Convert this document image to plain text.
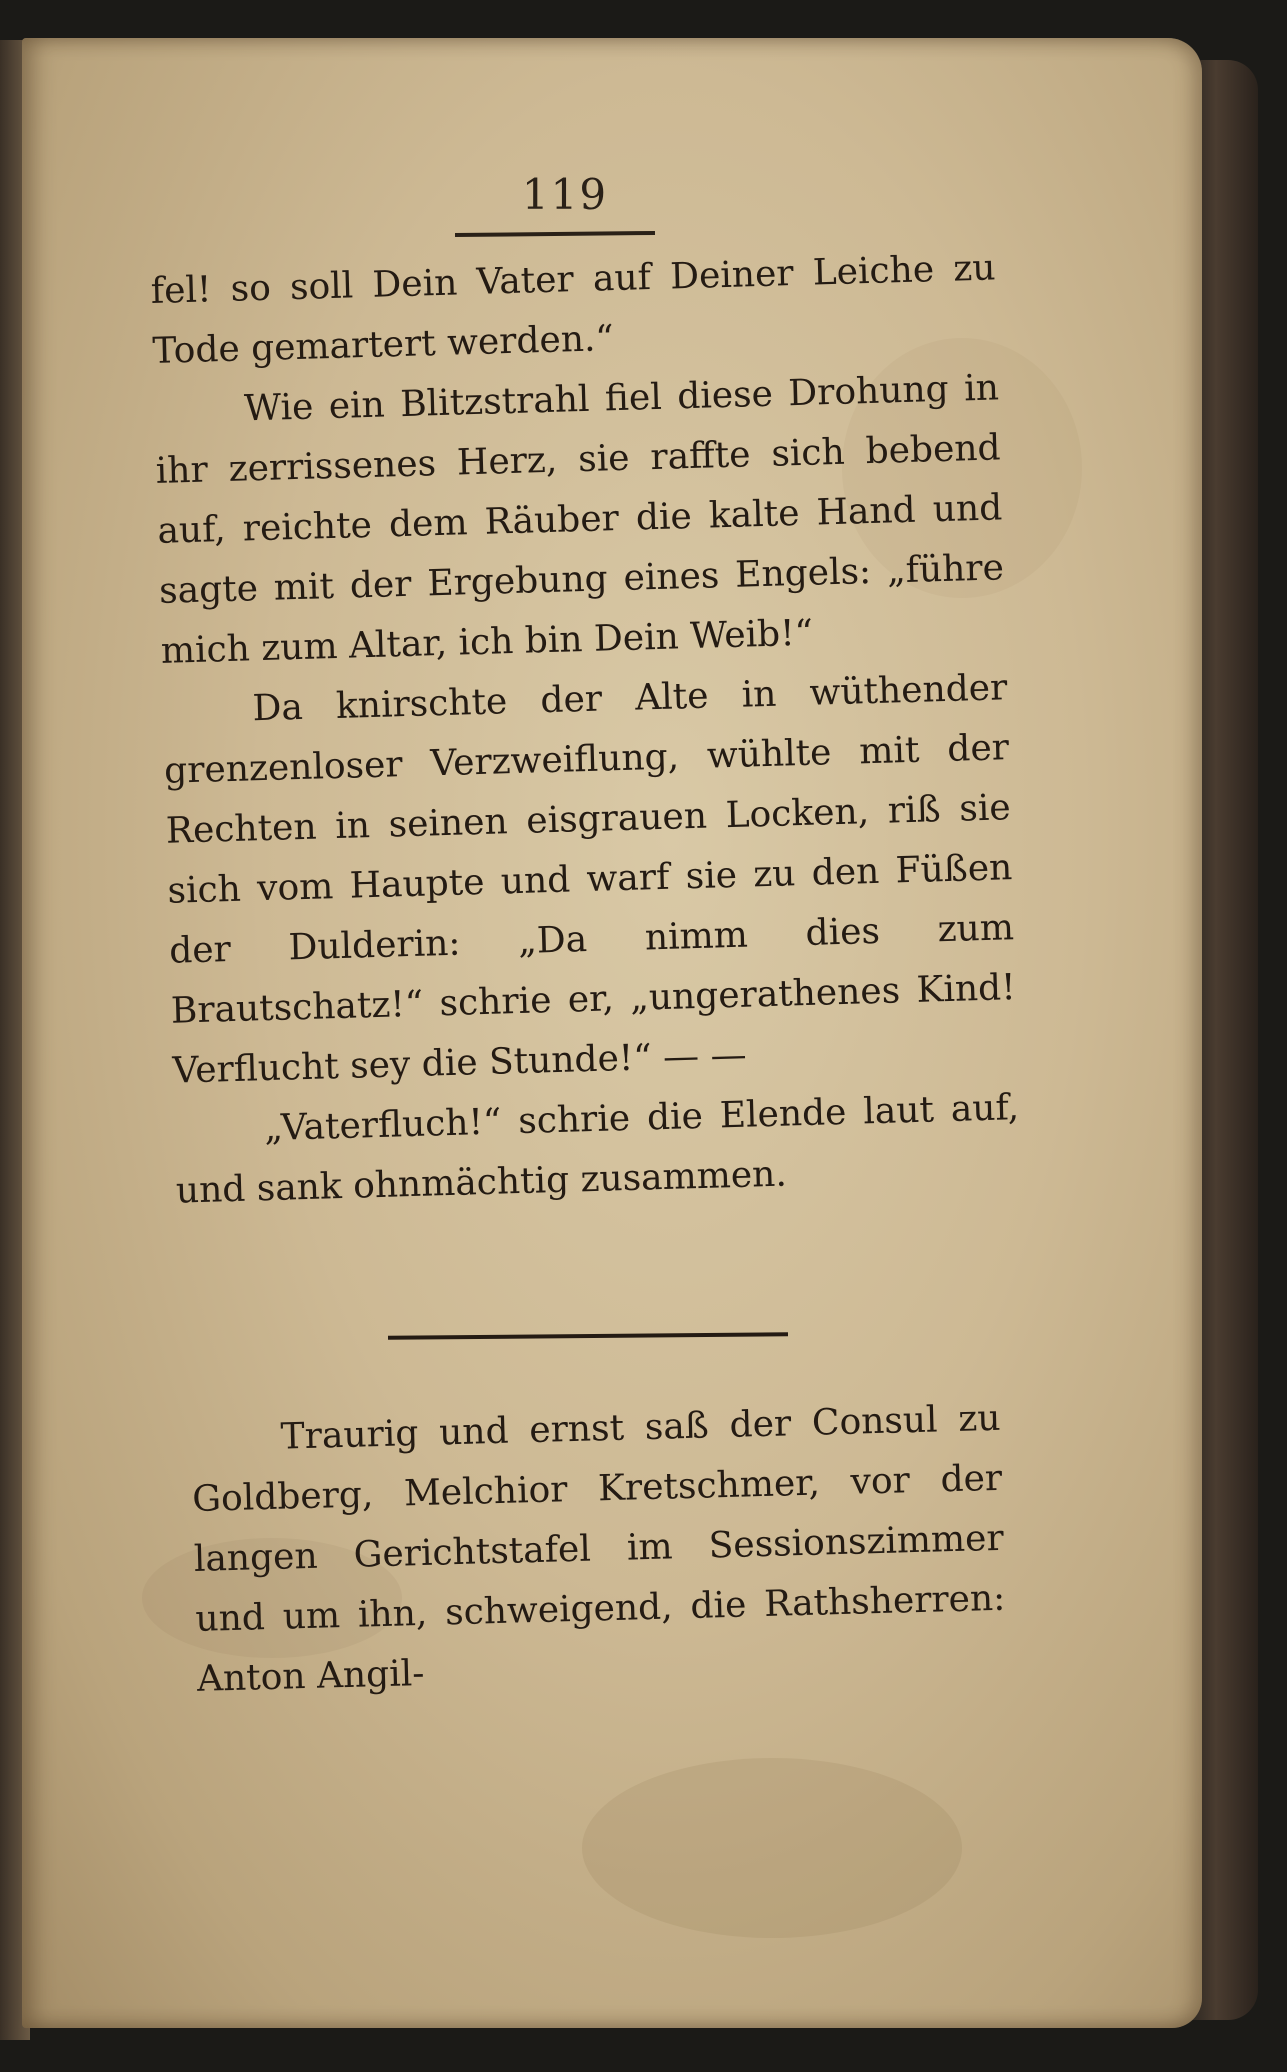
119

fel! so soll Dein Vater auf Deiner Leiche zu Tode gemartert werden.“

Wie ein Blitzstrahl fiel diese Drohung in ihr zerrissenes Herz, sie raffte sich bebend auf, reichte dem Räuber die kalte Hand und sagte mit der Ergebung eines Engels: „führe mich zum Altar, ich bin Dein Weib!“

Da knirschte der Alte in wüthender grenzenloser Verzweiflung, wühlte mit der Rechten in seinen eisgrauen Locken, riß sie sich vom Haupte und warf sie zu den Füßen der Dulderin: „Da nimm dies zum Brautschatz!“ schrie er, „ungerathenes Kind! Verflucht sey die Stunde!“ — —

„Vaterfluch!“ schrie die Elende laut auf, und sank ohnmächtig zusammen.

Traurig und ernst saß der Consul zu Goldberg, Melchior Kretschmer, vor der langen Gerichtstafel im Sessionszimmer und um ihn, schweigend, die Rathsherren: Anton Angil-
